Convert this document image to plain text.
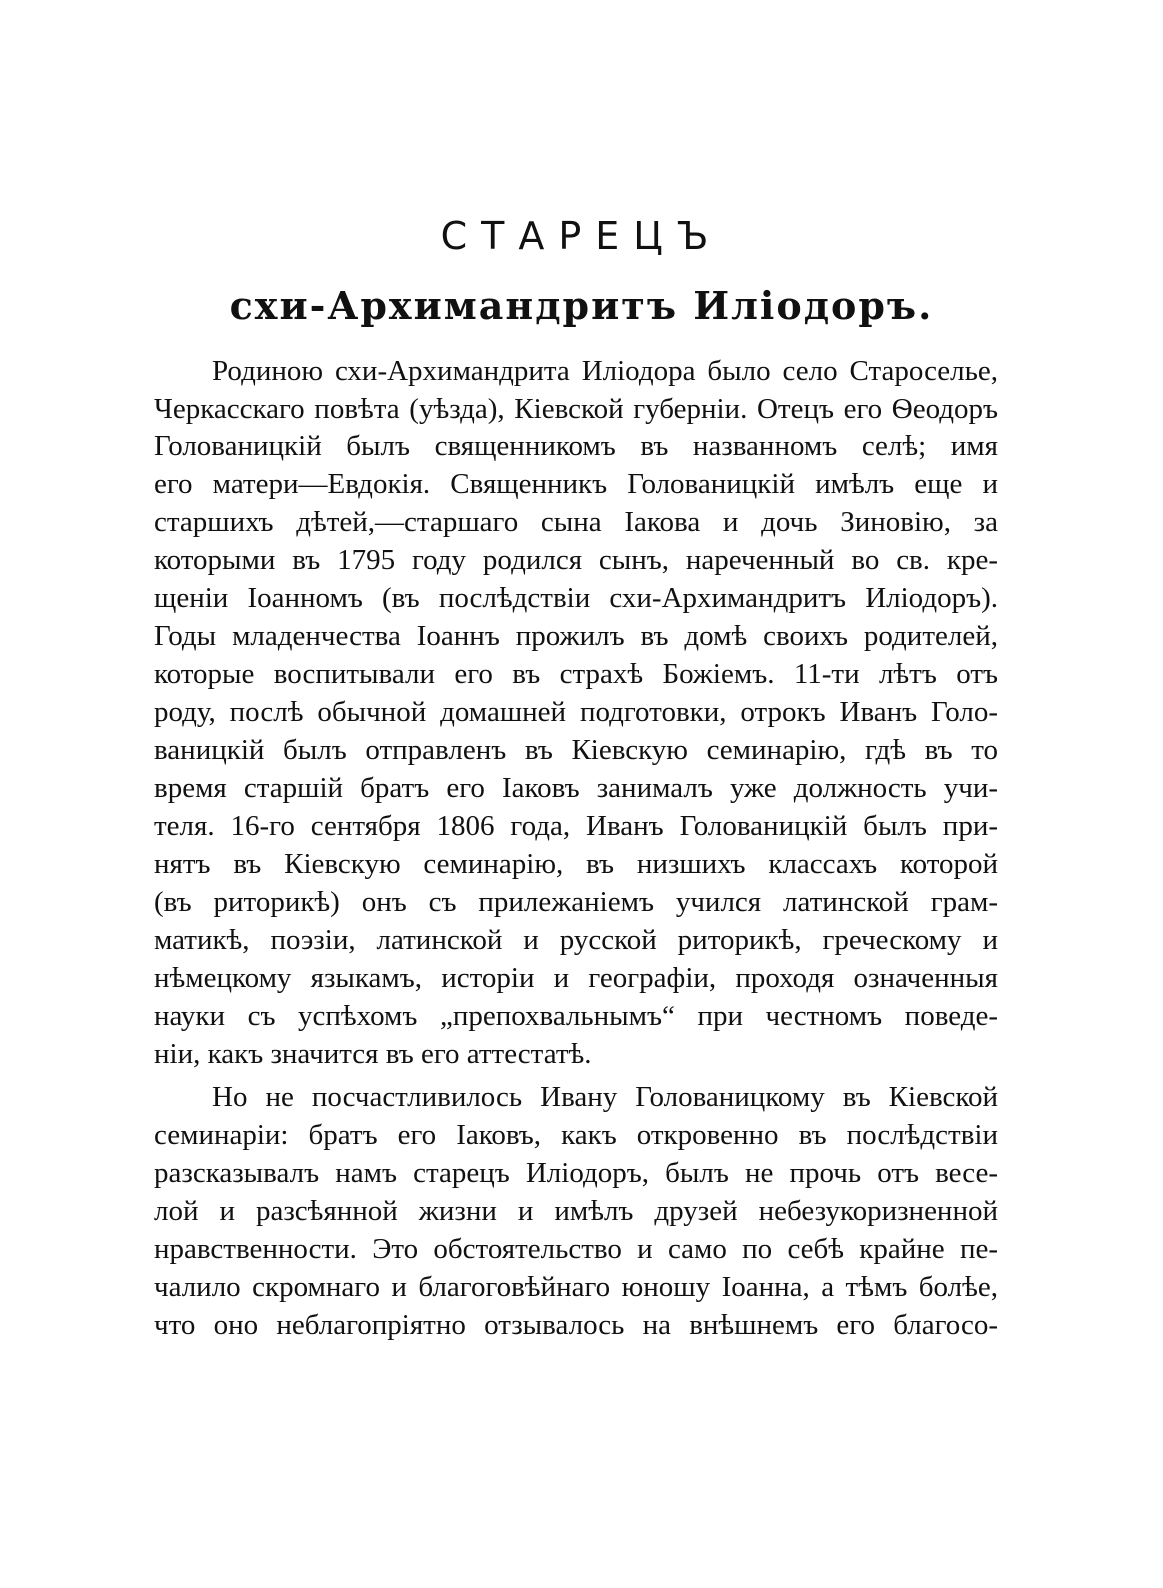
СТАРЕЦЪ
схи-Архимандритъ Иліодоръ.
Родиною схи-Архимандрита Иліодора было село Староселье,
Черкасскаго повѣта (уѣзда), Кіевской губерніи. Отецъ его Ѳеодоръ
Голованицкій былъ священникомъ въ названномъ селѣ; имя
его матери—Евдокія. Священникъ Голованицкій имѣлъ еще и
старшихъ дѣтей,—старшаго сына Іакова и дочь Зиновію, за
которыми въ 1795 году родился сынъ, нареченный во св. кре-
щеніи Іоанномъ (въ послѣдствіи схи-Архимандритъ Иліодоръ).
Годы младенчества Іоаннъ прожилъ въ домѣ своихъ родителей,
которые воспитывали его въ страхѣ Божіемъ. 11-ти лѣтъ отъ
роду, послѣ обычной домашней подготовки, отрокъ Иванъ Голо-
ваницкій былъ отправленъ въ Кіевскую семинарію, гдѣ въ то
время старшій братъ его Іаковъ занималъ уже должность учи-
теля. 16-го сентября 1806 года, Иванъ Голованицкій былъ при-
нятъ въ Кіевскую семинарію, въ низшихъ классахъ которой
(въ риторикѣ) онъ съ прилежаніемъ учился латинской грам-
матикѣ, поэзіи, латинской и русской риторикѣ, греческому и
нѣмецкому языкамъ, исторіи и географіи, проходя означенныя
науки съ успѣхомъ „препохвальнымъ“ при честномъ поведе-
ніи, какъ значится въ его аттестатѣ.
Но не посчастливилось Ивану Голованицкому въ Кіевской
семинаріи: братъ его Іаковъ, какъ откровенно въ послѣдствіи
разсказывалъ намъ старецъ Иліодоръ, былъ не прочь отъ весе-
лой и разсѣянной жизни и имѣлъ друзей небезукоризненной
нравственности. Это обстоятельство и само по себѣ крайне пе-
чалило скромнаго и благоговѣйнаго юношу Іоанна, а тѣмъ болѣе,
что оно неблагопріятно отзывалось на внѣшнемъ его благосо-
